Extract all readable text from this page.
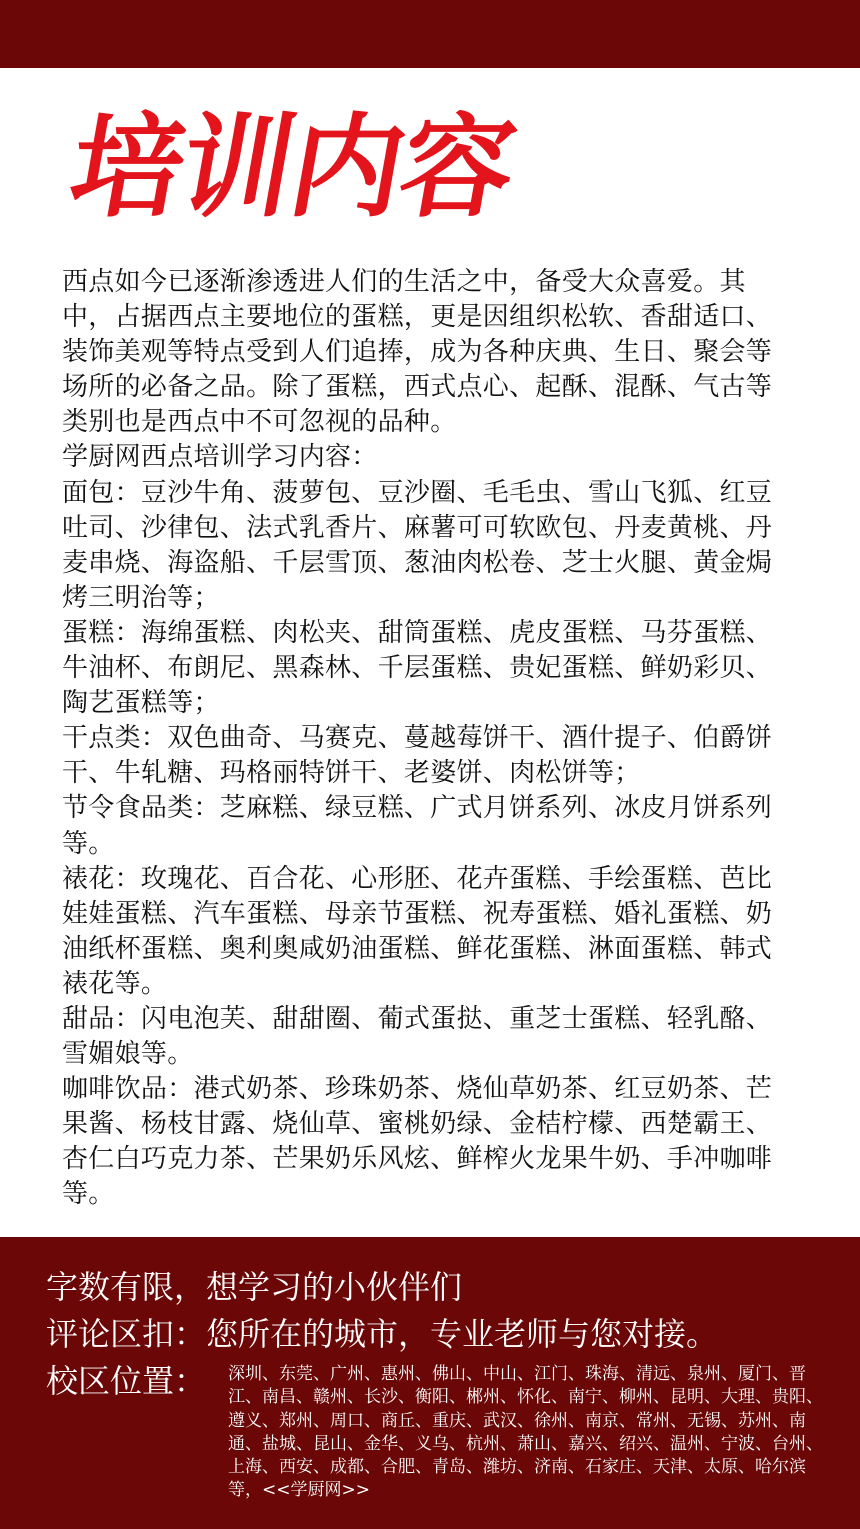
培训内容

西点如今已逐渐渗透进人们的生活之中，备受大众喜爱。其中，占据西点主要地位的蛋糕，更是因组织松软、香甜适口、装饰美观等特点受到人们追捧，成为各种庆典、生日、聚会等场所的必备之品。除了蛋糕，西式点心、起酥、混酥、气古等类别也是西点中不可忽视的品种。

学厨网西点培训学习内容：

面包：豆沙牛角、菠萝包、豆沙圈、毛毛虫、雪山飞狐、红豆吐司、沙律包、法式乳香片、麻薯可可软欧包、丹麦黄桃、丹麦串烧、海盗船、千层雪顶、葱油肉松卷、芝士火腿、黄金焗烤三明治等；

蛋糕：海绵蛋糕、肉松夹、甜筒蛋糕、虎皮蛋糕、马芬蛋糕、牛油杯、布朗尼、黑森林、千层蛋糕、贵妃蛋糕、鲜奶彩贝、陶艺蛋糕等；

干点类：双色曲奇、马赛克、蔓越莓饼干、酒什提子、伯爵饼干、牛轧糖、玛格丽特饼干、老婆饼、肉松饼等；

节令食品类：芝麻糕、绿豆糕、广式月饼系列、冰皮月饼系列等。

裱花：玫瑰花、百合花、心形胚、花卉蛋糕、手绘蛋糕、芭比娃娃蛋糕、汽车蛋糕、母亲节蛋糕、祝寿蛋糕、婚礼蛋糕、奶油纸杯蛋糕、奥利奥咸奶油蛋糕、鲜花蛋糕、淋面蛋糕、韩式裱花等。

甜品：闪电泡芙、甜甜圈、葡式蛋挞、重芝士蛋糕、轻乳酪、雪媚娘等。

咖啡饮品：港式奶茶、珍珠奶茶、烧仙草奶茶、红豆奶茶、芒果酱、杨枝甘露、烧仙草、蜜桃奶绿、金桔柠檬、西楚霸王、杏仁白巧克力茶、芒果奶乐风炫、鲜榨火龙果牛奶、手冲咖啡等。

字数有限，想学习的小伙伴们
评论区扣：您所在的城市，专业老师与您对接。
校区位置： 深圳、东莞、广州、惠州、佛山、中山、江门、珠海、清远、泉州、厦门、晋江、南昌、赣州、长沙、衡阳、郴州、怀化、南宁、柳州、昆明、大理、贵阳、遵义、郑州、周口、商丘、重庆、武汉、徐州、南京、常州、无锡、苏州、南通、盐城、昆山、金华、义乌、杭州、萧山、嘉兴、绍兴、温州、宁波、台州、上海、西安、成都、合肥、青岛、潍坊、济南、石家庄、天津、太原、哈尔滨等，<<学厨网>>
